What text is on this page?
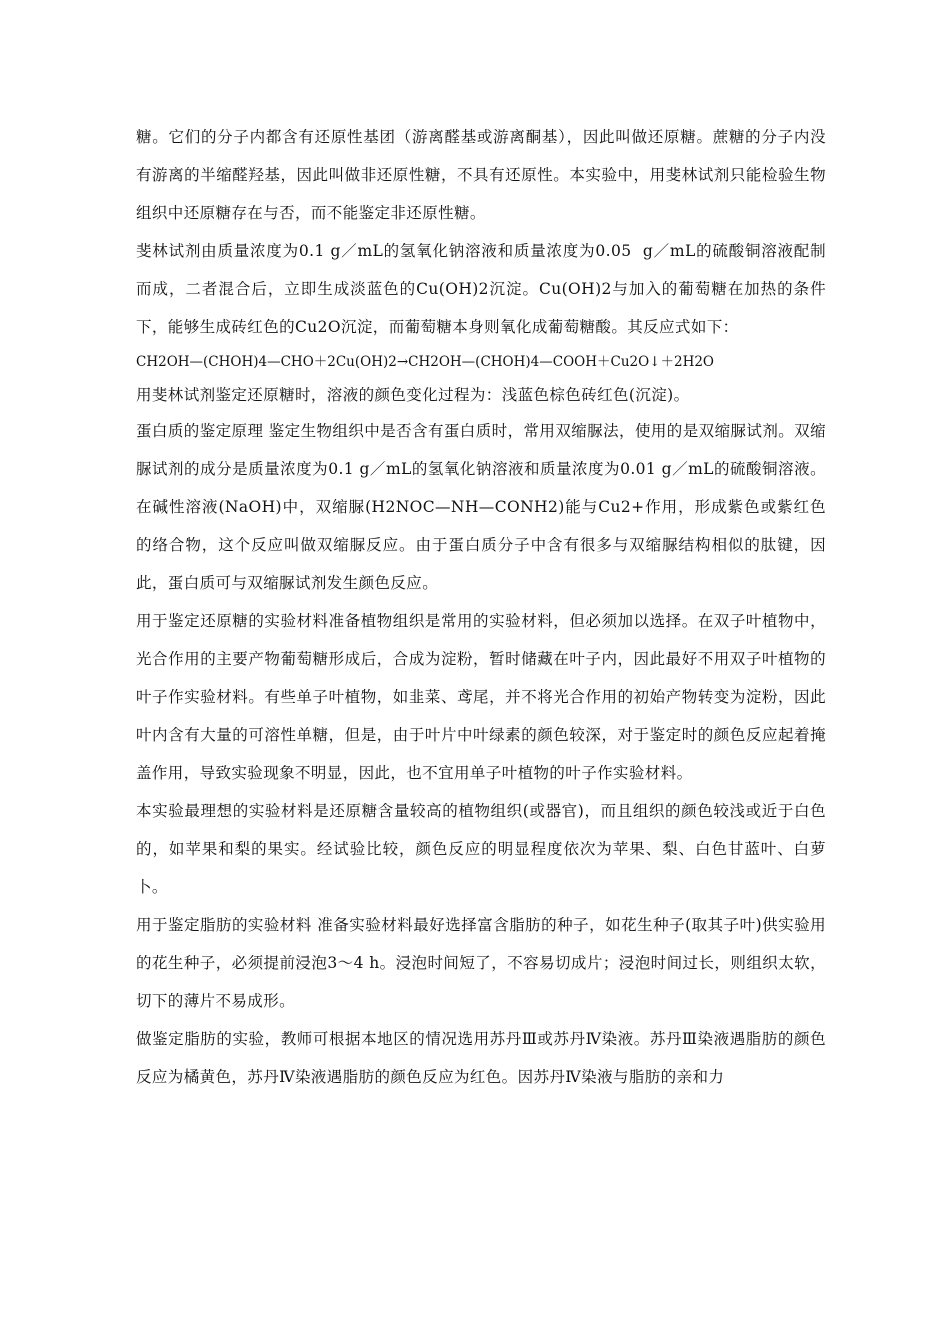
糖。它们的分子内都含有还原性基团（游离醛基或游离酮基），因此叫做还原糖。蔗糖的分子内没有游离的半缩醛羟基，因此叫做非还原性糖，不具有还原性。本实验中，用斐林试剂只能检验生物组织中还原糖存在与否，而不能鉴定非还原性糖。

斐林试剂由质量浓度为0.1 g／mL的氢氧化钠溶液和质量浓度为0.05  g／mL的硫酸铜溶液配制而成，二者混合后，立即生成淡蓝色的Cu(OH)2沉淀。Cu(OH)2与加入的葡萄糖在加热的条件下，能够生成砖红色的Cu2O沉淀，而葡萄糖本身则氧化成葡萄糖酸。其反应式如下：

CH2OH—(CHOH)4—CHO＋2Cu(OH)2→CH2OH—(CHOH)4—COOH＋Cu2O↓＋2H2O

用斐林试剂鉴定还原糖时，溶液的颜色变化过程为：浅蓝色棕色砖红色(沉淀)。

蛋白质的鉴定原理 鉴定生物组织中是否含有蛋白质时，常用双缩脲法，使用的是双缩脲试剂。双缩脲试剂的成分是质量浓度为0.1 g／mL的氢氧化钠溶液和质量浓度为0.01 g／mL的硫酸铜溶液。在碱性溶液(NaOH)中，双缩脲(H2NOC—NH—CONH2)能与Cu2+作用，形成紫色或紫红色的络合物，这个反应叫做双缩脲反应。由于蛋白质分子中含有很多与双缩脲结构相似的肽键，因此，蛋白质可与双缩脲试剂发生颜色反应。

用于鉴定还原糖的实验材料准备植物组织是常用的实验材料，但必须加以选择。在双子叶植物中，光合作用的主要产物葡萄糖形成后，合成为淀粉，暂时储藏在叶子内，因此最好不用双子叶植物的叶子作实验材料。有些单子叶植物，如韭菜、鸢尾，并不将光合作用的初始产物转变为淀粉，因此叶内含有大量的可溶性单糖，但是，由于叶片中叶绿素的颜色较深，对于鉴定时的颜色反应起着掩盖作用，导致实验现象不明显，因此，也不宜用单子叶植物的叶子作实验材料。

本实验最理想的实验材料是还原糖含量较高的植物组织(或器官)，而且组织的颜色较浅或近于白色的，如苹果和梨的果实。经试验比较，颜色反应的明显程度依次为苹果、梨、白色甘蓝叶、白萝卜。

用于鉴定脂肪的实验材料 准备实验材料最好选择富含脂肪的种子，如花生种子(取其子叶)供实验用的花生种子，必须提前浸泡3～4 h。浸泡时间短了，不容易切成片；浸泡时间过长，则组织太软，切下的薄片不易成形。

做鉴定脂肪的实验，教师可根据本地区的情况选用苏丹Ⅲ或苏丹Ⅳ染液。苏丹Ⅲ染液遇脂肪的颜色反应为橘黄色，苏丹Ⅳ染液遇脂肪的颜色反应为红色。因苏丹Ⅳ染液与脂肪的亲和力
